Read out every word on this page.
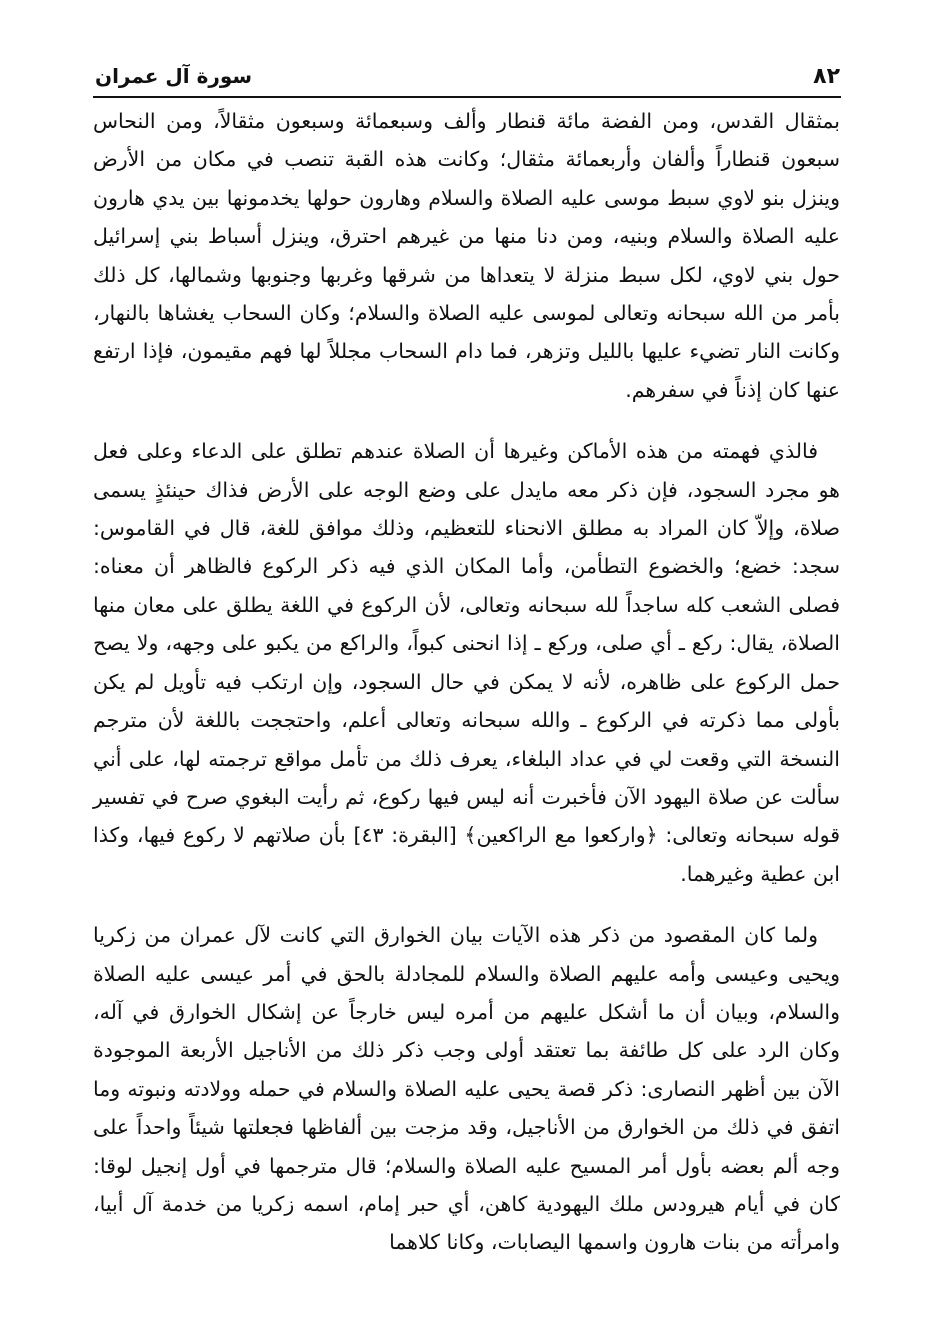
٨٢
سورة آل عمران

بمثقال القدس، ومن الفضة مائة قنطار وألف وسبعمائة وسبعون مثقالاً، ومن النحاس سبعون قنطاراً وألفان وأربعمائة مثقال؛ وكانت هذه القبة تنصب في مكان من الأرض وينزل بنو لاوي سبط موسى عليه الصلاة والسلام وهارون حولها يخدمونها بين يدي هارون عليه الصلاة والسلام وبنيه، ومن دنا منها من غيرهم احترق، وينزل أسباط بني إسرائيل حول بني لاوي، لكل سبط منزلة لا يتعداها من شرقها وغربها وجنوبها وشمالها، كل ذلك بأمر من الله سبحانه وتعالى لموسى عليه الصلاة والسلام؛ وكان السحاب يغشاها بالنهار، وكانت النار تضيء عليها بالليل وتزهر، فما دام السحاب مجللاً لها فهم مقيمون، فإذا ارتفع عنها كان إذناً في سفرهم.

فالذي فهمته من هذه الأماكن وغيرها أن الصلاة عندهم تطلق على الدعاء وعلى فعل هو مجرد السجود، فإن ذكر معه مايدل على وضع الوجه على الأرض فذاك حينئذٍ يسمى صلاة، وإلاّ كان المراد به مطلق الانحناء للتعظيم، وذلك موافق للغة، قال في القاموس: سجد: خضع؛ والخضوع التطأمن، وأما المكان الذي فيه ذكر الركوع فالظاهر أن معناه: فصلى الشعب كله ساجداً لله سبحانه وتعالى، لأن الركوع في اللغة يطلق على معان منها الصلاة، يقال: ركع ـ أي صلى، وركع ـ إذا انحنى كبواً، والراكع من يكبو على وجهه، ولا يصح حمل الركوع على ظاهره، لأنه لا يمكن في حال السجود، وإن ارتكب فيه تأويل لم يكن بأولى مما ذكرته في الركوع ـ والله سبحانه وتعالى أعلم، واحتججت باللغة لأن مترجم النسخة التي وقعت لي في عداد البلغاء، يعرف ذلك من تأمل مواقع ترجمته لها، على أني سألت عن صلاة اليهود الآن فأخبرت أنه ليس فيها ركوع، ثم رأيت البغوي صرح في تفسير قوله سبحانه وتعالى: ﴿واركعوا مع الراكعين﴾ [البقرة: ٤٣] بأن صلاتهم لا ركوع فيها، وكذا ابن عطية وغيرهما.

ولما كان المقصود من ذكر هذه الآيات بيان الخوارق التي كانت لآل عمران من زكريا ويحيى وعيسى وأمه عليهم الصلاة والسلام للمجادلة بالحق في أمر عيسى عليه الصلاة والسلام، وبيان أن ما أشكل عليهم من أمره ليس خارجاً عن إشكال الخوارق في آله، وكان الرد على كل طائفة بما تعتقد أولى وجب ذكر ذلك من الأناجيل الأربعة الموجودة الآن بين أظهر النصارى: ذكر قصة يحيى عليه الصلاة والسلام في حمله وولادته ونبوته وما اتفق في ذلك من الخوارق من الأناجيل، وقد مزجت بين ألفاظها فجعلتها شيئاً واحداً على وجه ألم بعضه بأول أمر المسيح عليه الصلاة والسلام؛ قال مترجمها في أول إنجيل لوقا: كان في أيام هيرودس ملك اليهودية كاهن، أي حبر إمام، اسمه زكريا من خدمة آل أبيا، وامرأته من بنات هارون واسمها اليصابات، وكانا كلاهما
